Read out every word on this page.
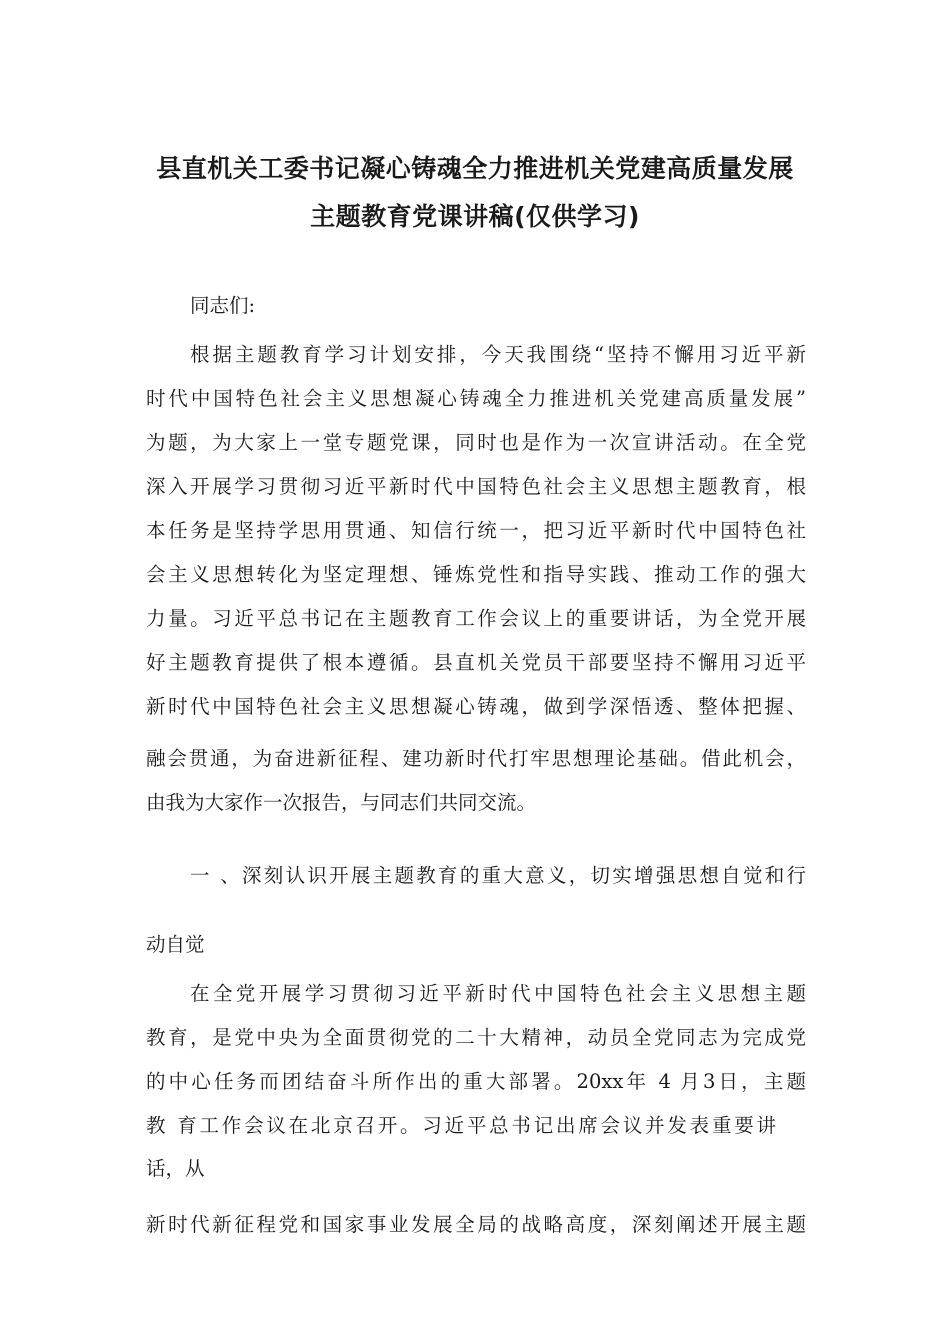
县直机关工委书记凝心铸魂全力推进机关党建高质量发展
主题教育党课讲稿(仅供学习)
同志们:
根据主题教育学习计划安排，今天我围绕“坚持不懈用习近平新
时代中国特色社会主义思想凝心铸魂全力推进机关党建高质量发展”
为题，为大家上一堂专题党课，同时也是作为一次宣讲活动。在全党
深入开展学习贯彻习近平新时代中国特色社会主义思想主题教育，根
本任务是坚持学思用贯通、知信行统一，把习近平新时代中国特色社
会主义思想转化为坚定理想、锤炼党性和指导实践、推动工作的强大
力量。习近平总书记在主题教育工作会议上的重要讲话，为全党开展
好主题教育提供了根本遵循。县直机关党员干部要坚持不懈用习近平
新时代中国特色社会主义思想凝心铸魂，做到学深悟透、整体把握、
融会贯通，为奋进新征程、建功新时代打牢思想理论基础。借此机会，
由我为大家作一次报告，与同志们共同交流。
一 、深刻认识开展主题教育的重大意义，切实增强思想自觉和行
动自觉
在全党开展学习贯彻习近平新时代中国特色社会主义思想主题
教育，是党中央为全面贯彻党的二十大精神，动员全党同志为完成党
的中心任务而团结奋斗所作出的重大部署。20xx年 4 月3日，主题
教 育工作会议在北京召开。习近平总书记出席会议并发表重要讲
话，从
新时代新征程党和国家事业发展全局的战略高度，深刻阐述开展主题
